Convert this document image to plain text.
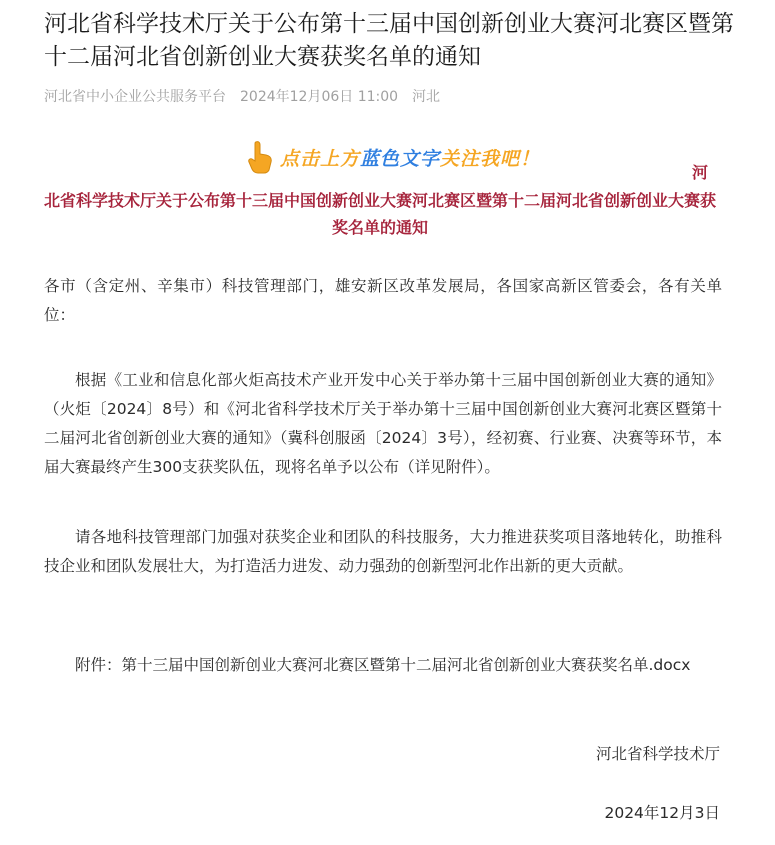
河北省科学技术厅关于公布第十三届中国创新创业大赛河北赛区暨第十二届河北省创新创业大赛获奖名单的通知
河北省中小企业公共服务平台 2024年12月06日 11:00 河北
点击上方蓝色文字关注我吧！
河
北省科学技术厅关于公布第十三届中国创新创业大赛河北赛区暨第十二届河北省创新创业大赛获奖名单的通知

各市（含定州、辛集市）科技管理部门，雄安新区改革发展局，各国家高新区管委会，各有关单位：

根据《工业和信息化部火炬高技术产业开发中心关于举办第十三届中国创新创业大赛的通知》（火炬〔2024〕8号）和《河北省科学技术厅关于举办第十三届中国创新创业大赛河北赛区暨第十二届河北省创新创业大赛的通知》（冀科创服函〔2024〕3号），经初赛、行业赛、决赛等环节，本届大赛最终产生300支获奖队伍，现将名单予以公布（详见附件）。

请各地科技管理部门加强对获奖企业和团队的科技服务，大力推进获奖项目落地转化，助推科技企业和团队发展壮大，为打造活力进发、动力强劲的创新型河北作出新的更大贡献。

附件：第十三届中国创新创业大赛河北赛区暨第十二届河北省创新创业大赛获奖名单.docx

河北省科学技术厅
2024年12月3日
